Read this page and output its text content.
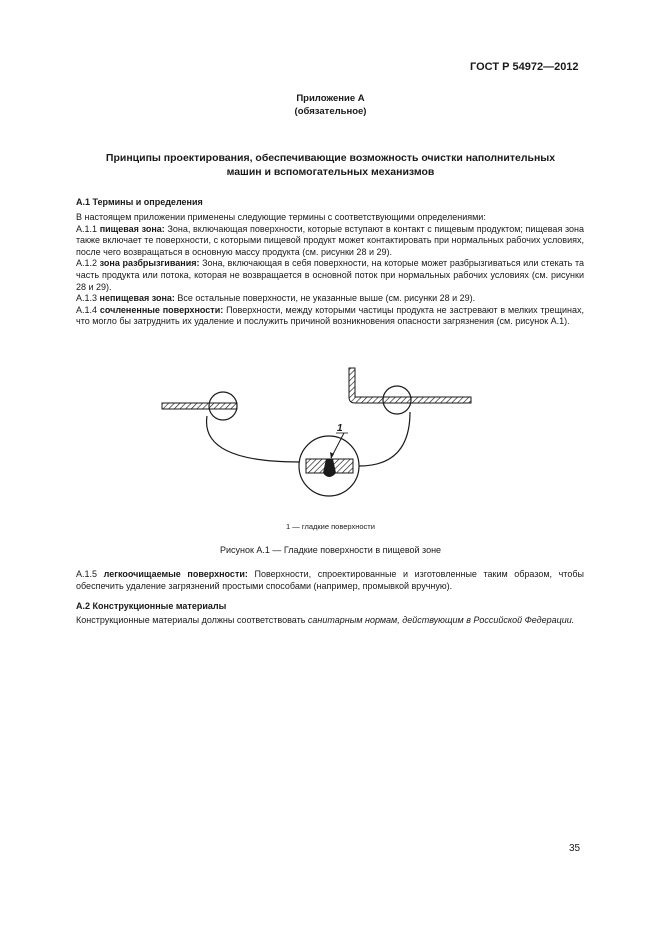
ГОСТ Р 54972—2012
Приложение А
(обязательное)
Принципы проектирования, обеспечивающие возможность очистки наполнительных
машин и вспомогательных механизмов
А.1 Термины и определения
В настоящем приложении применены следующие термины с соответствующими определениями:
А.1.1 пищевая зона: Зона, включающая поверхности, которые вступают в контакт с пищевым продуктом; пищевая зона также включает те поверхности, с которыми пищевой продукт может контактировать при нормальных рабочих условиях, после чего возвращаться в основную массу продукта (см. рисунки 28 и 29).
А.1.2 зона разбрызгивания: Зона, включающая в себя поверхности, на которые может разбрызгиваться или стекать та часть продукта или потока, которая не возвращается в основной поток при нормальных рабочих условиях (см. рисунки 28 и 29).
А.1.3 непищевая зона: Все остальные поверхности, не указанные выше (см. рисунки 28 и 29).
А.1.4 сочлененные поверхности: Поверхности, между которыми частицы продукта не застревают в мелких трещинах, что могло бы затруднить их удаление и послужить причиной возникновения опасности загрязнения (см. рисунок А.1).
1
1 — гладкие поверхности
Рисунок А.1 — Гладкие поверхности в пищевой зоне
А.1.5 легкоочищаемые поверхности: Поверхности, спроектированные и изготовленные таким образом, чтобы обеспечить удаление загрязнений простыми способами (например, промывкой вручную).
А.2 Конструкционные материалы
Конструкционные материалы должны соответствовать санитарным нормам, действующим в Российской Федерации.
35
